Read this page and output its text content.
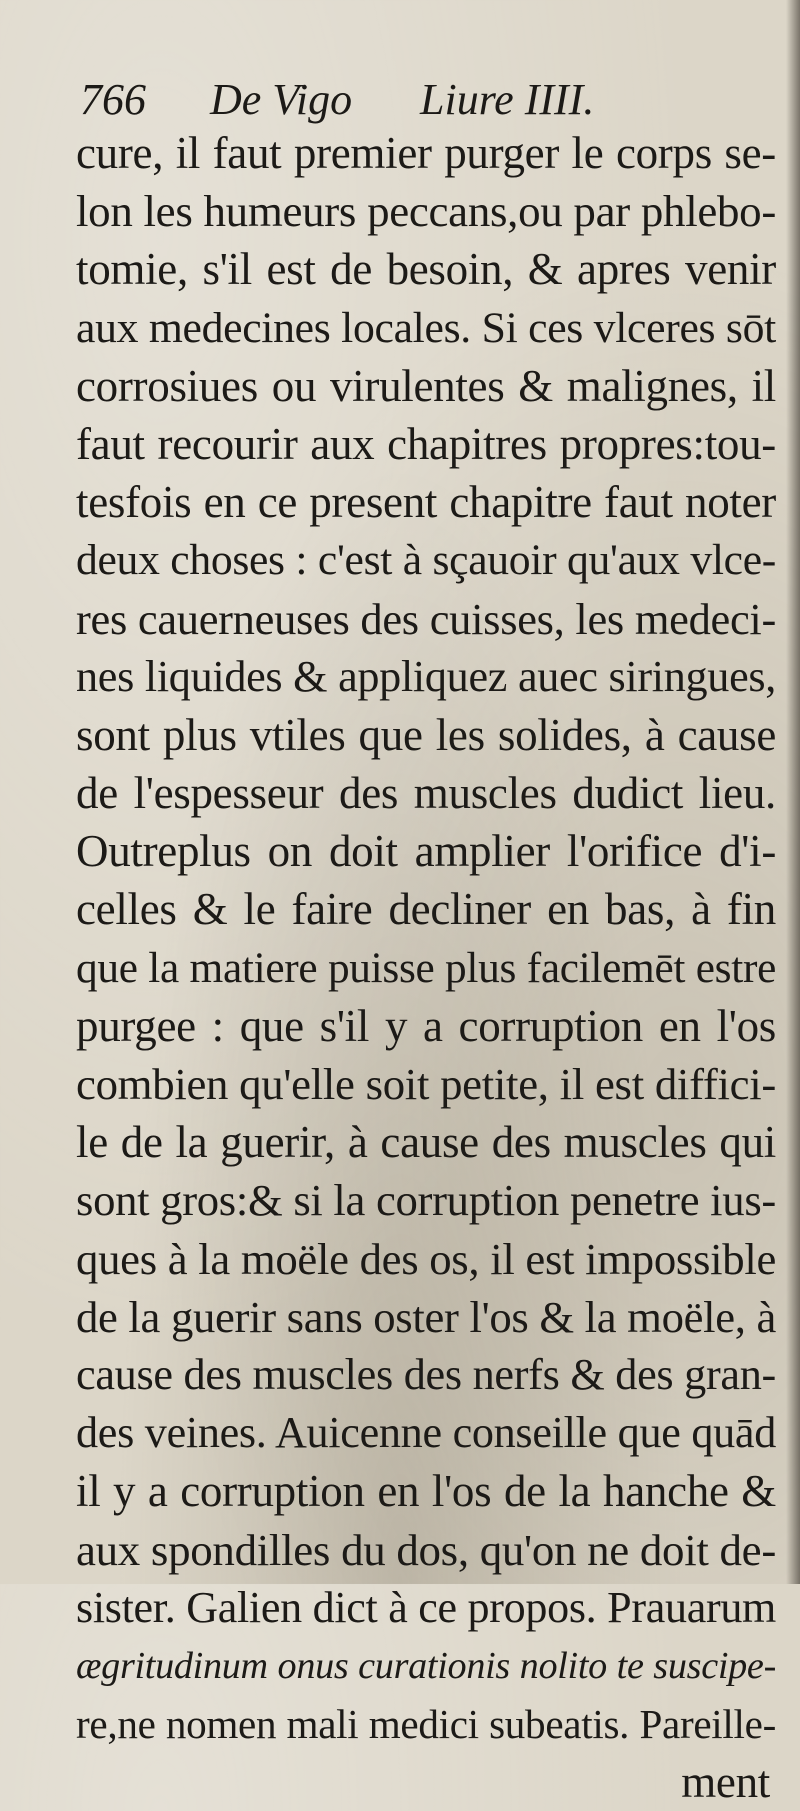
766 De Vigo Liure IIII.
cure, il faut premier purger le corps se-
lon les humeurs peccans,ou par phlebo-
tomie, s'il est de besoin, & apres venir
aux medecines locales. Si ces vlceres sōt
corrosiues ou virulentes & malignes, il
faut recourir aux chapitres propres:tou-
tesfois en ce present chapitre faut noter
deux choses : c'est à sçauoir qu'aux vlce-
res cauerneuses des cuisses, les medeci-
nes liquides & appliquez auec siringues,
sont plus vtiles que les solides, à cause
de l'espesseur des muscles dudict lieu.
Outreplus on doit amplier l'orifice d'i-
celles & le faire decliner en bas, à fin
que la matiere puisse plus facilemēt estre
purgee : que s'il y a corruption en l'os
combien qu'elle soit petite, il est diffici-
le de la guerir, à cause des muscles qui
sont gros:& si la corruption penetre ius-
ques à la moële des os, il est impossible
de la guerir sans oster l'os & la moële, à
cause des muscles des nerfs & des gran-
des veines. Auicenne conseille que quād
il y a corruption en l'os de la hanche &
aux spondilles du dos, qu'on ne doit de-
sister. Galien dict à ce propos. Prauarum
ægritudinum onus curationis nolito te suscipe-
re,ne nomen mali medici subeatis. Pareille-
ment
